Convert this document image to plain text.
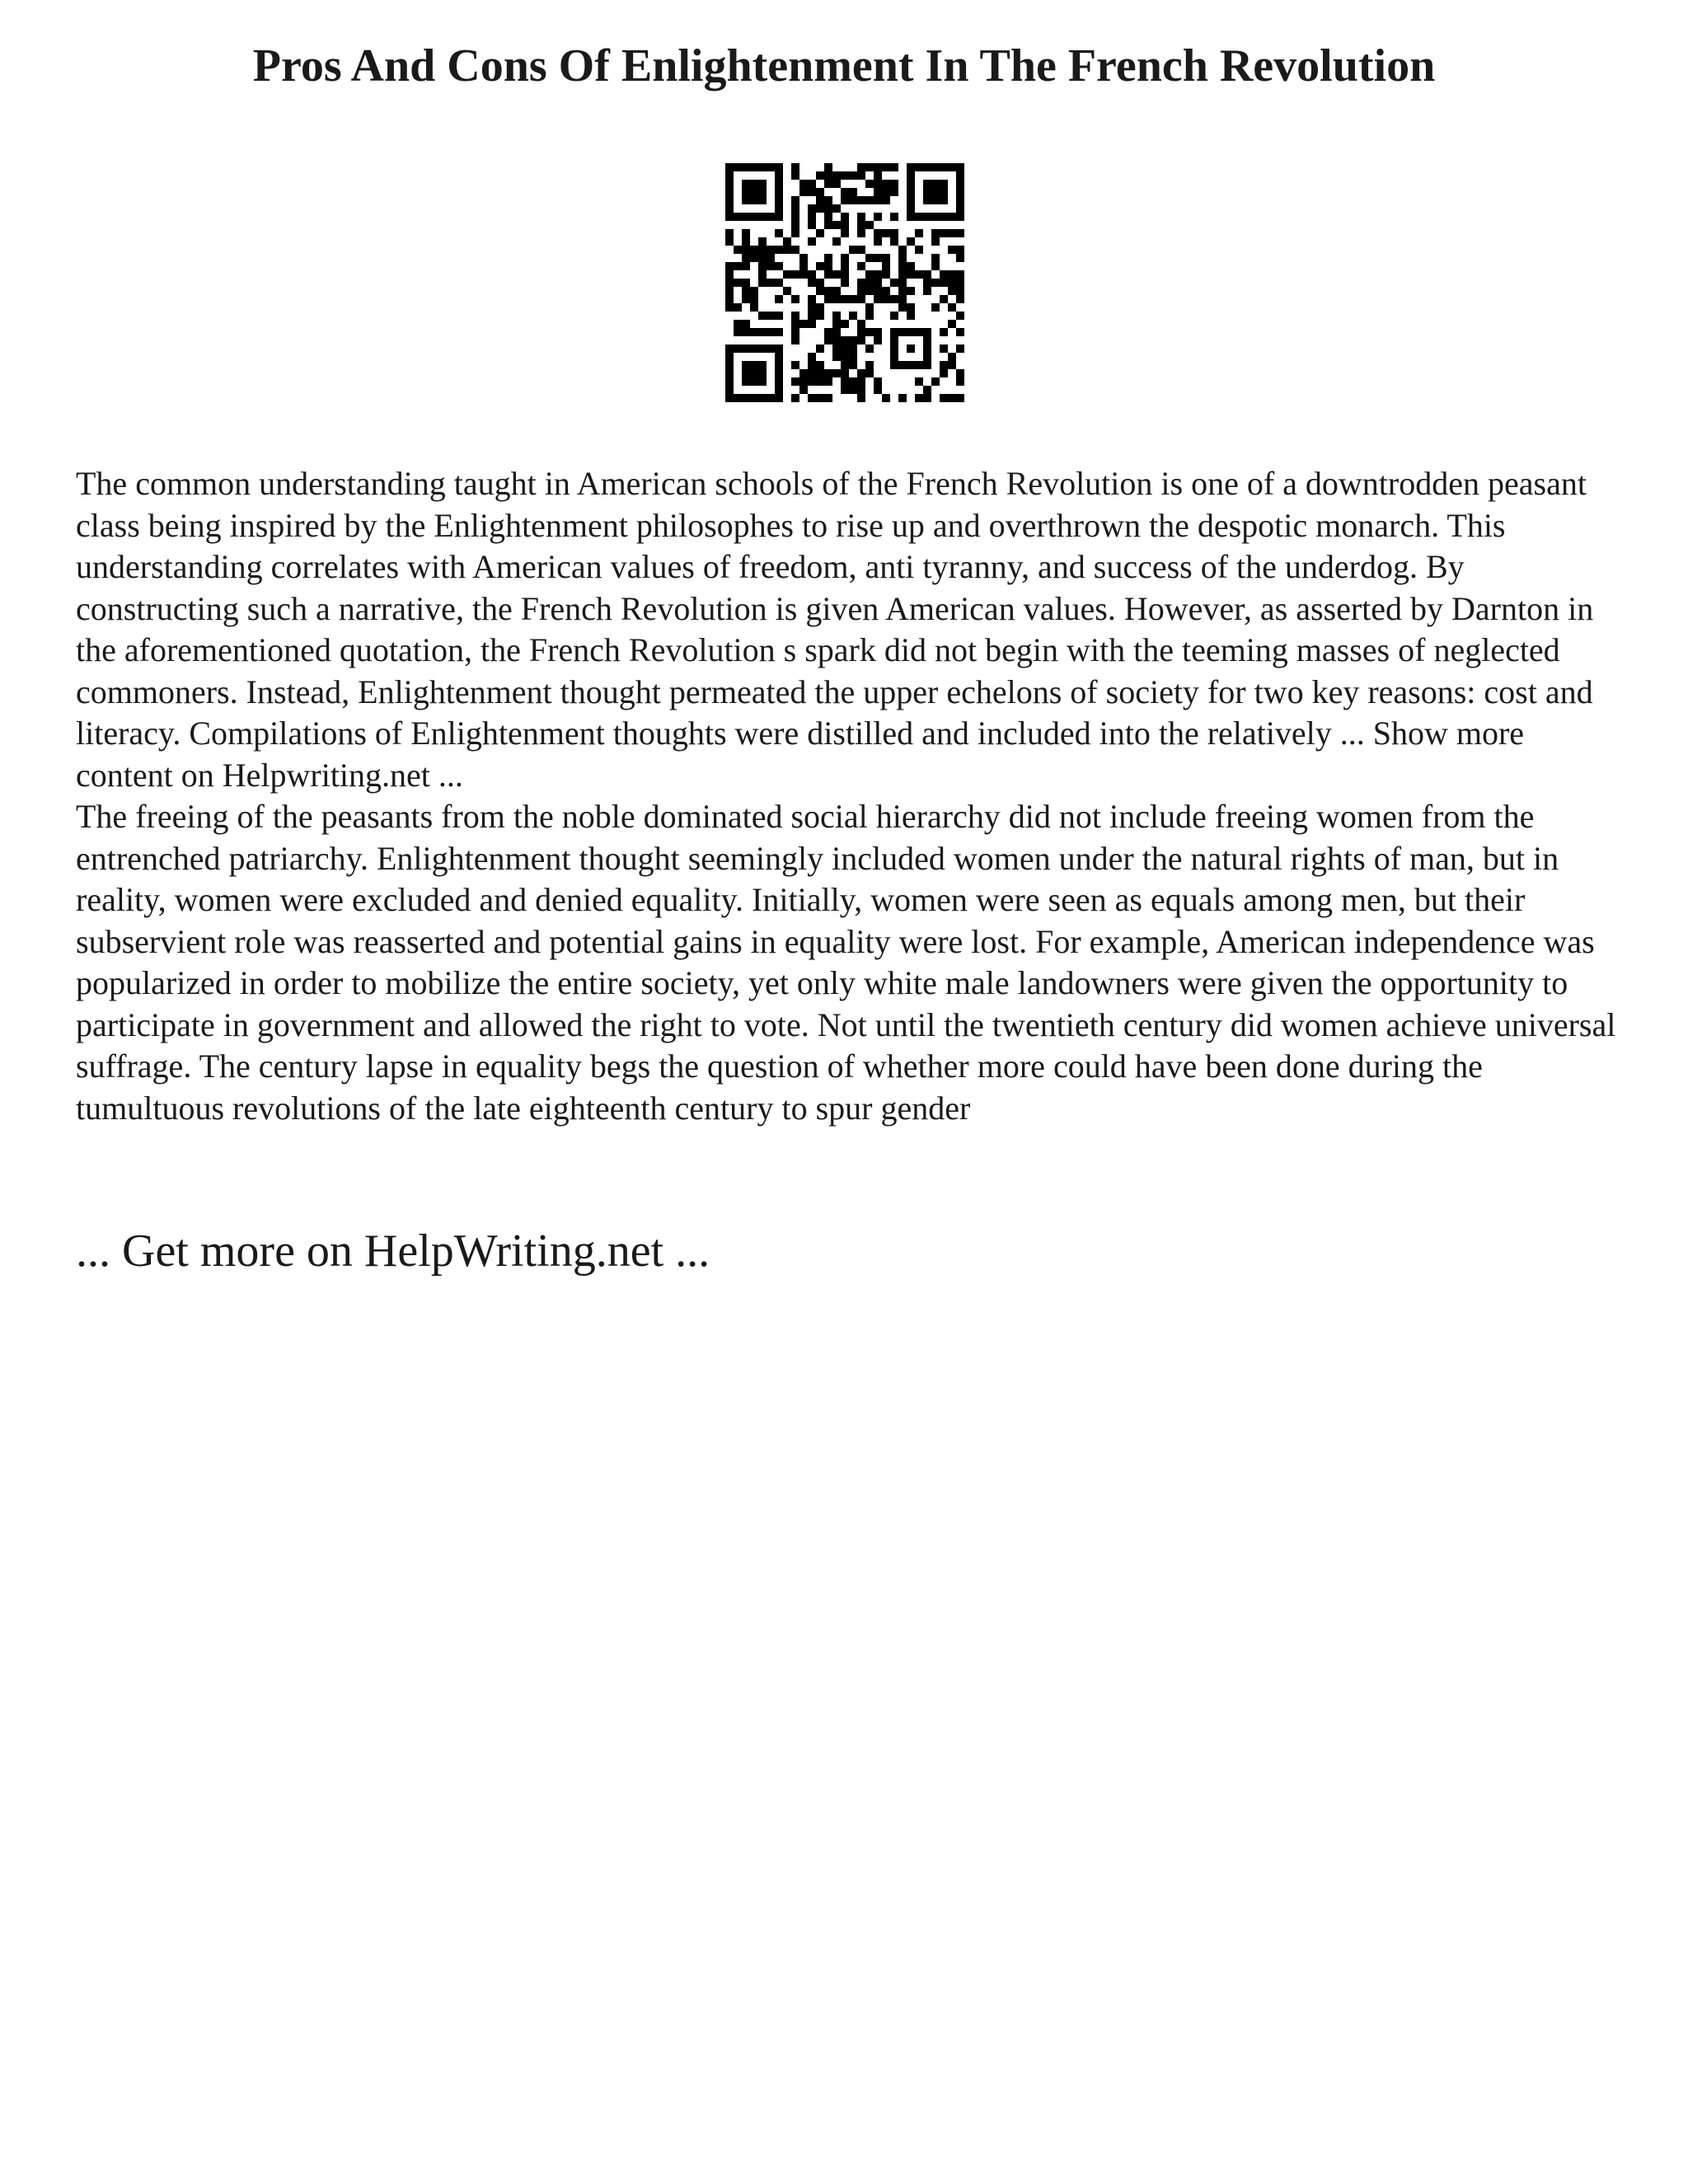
Pros And Cons Of Enlightenment In The French Revolution

The common understanding taught in American schools of the French Revolution is one of a downtrodden peasant class being inspired by the Enlightenment philosophes to rise up and overthrown the despotic monarch. This understanding correlates with American values of freedom, anti tyranny, and success of the underdog. By constructing such a narrative, the French Revolution is given American values. However, as asserted by Darnton in the aforementioned quotation, the French Revolution s spark did not begin with the teeming masses of neglected commoners. Instead, Enlightenment thought permeated the upper echelons of society for two key reasons: cost and literacy. Compilations of Enlightenment thoughts were distilled and included into the relatively ... Show more content on Helpwriting.net ...

The freeing of the peasants from the noble dominated social hierarchy did not include freeing women from the entrenched patriarchy. Enlightenment thought seemingly included women under the natural rights of man, but in reality, women were excluded and denied equality. Initially, women were seen as equals among men, but their subservient role was reasserted and potential gains in equality were lost. For example, American independence was popularized in order to mobilize the entire society, yet only white male landowners were given the opportunity to participate in government and allowed the right to vote. Not until the twentieth century did women achieve universal suffrage. The century lapse in equality begs the question of whether more could have been done during the tumultuous revolutions of the late eighteenth century to spur gender

... Get more on HelpWriting.net ...
